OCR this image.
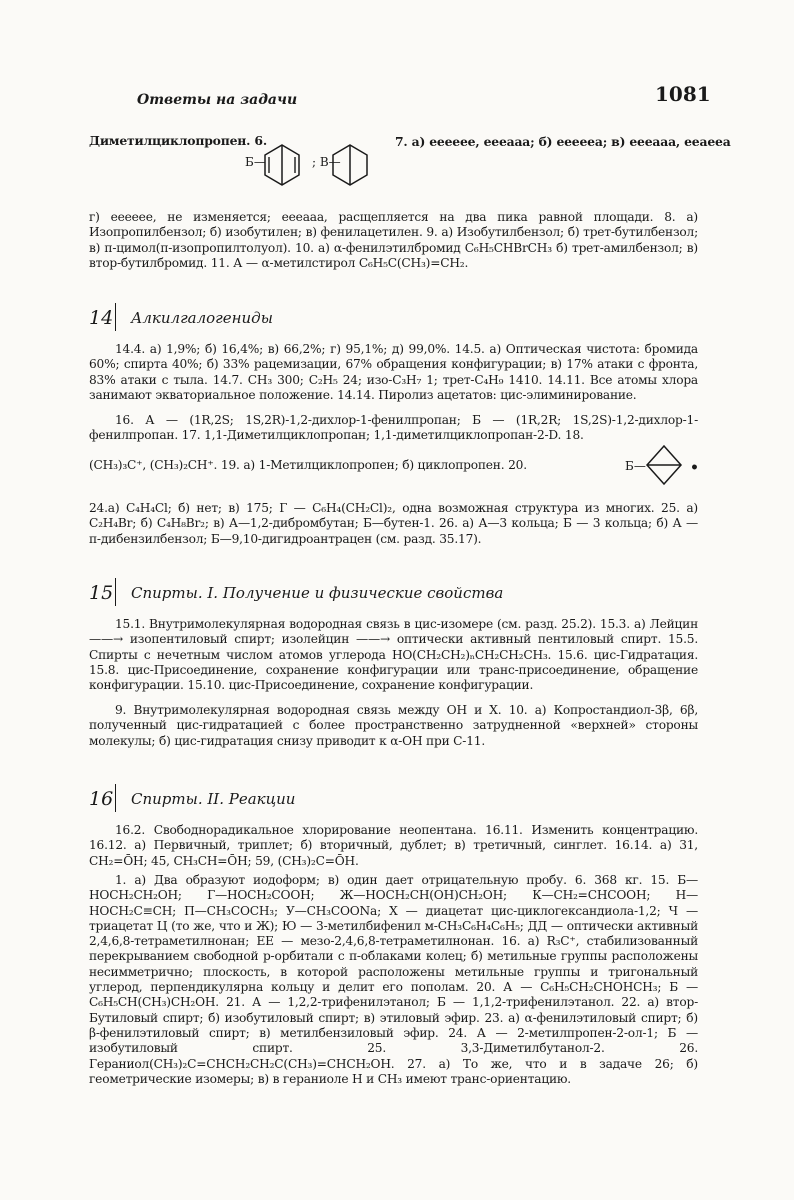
Ответы на задачи	1081
Диметилциклопропен. 6.	7. а) ееееее, еееааа; б) еееееа; в) еееааа, ееаеea
Б—	; В—
г) ееееee, не изменяется; еееааа, расщепляется на два пика равной площади. 8. а) Изопропилбензол; б) изобутилен; в) фенилацетилен. 9. а) Изобутилбензол; б) трет-бутилбензол; в) п-цимол(п-изопропилтолуол). 10. а) α-фенилэтилбромид C₆H₅CHBrCH₃ б) трет-амилбензол; в) втор-бутилбромид. 11. А — α-метилстирол C₆H₅C(CH₃)=CH₂.
14 Алкилгалогениды
14.4. а) 1,9%; б) 16,4%; в) 66,2%; г) 95,1%; д) 99,0%. 14.5. а) Оптическая чистота: бромида 60%; спирта 40%; б) 33% рацемизации, 67% обращения конфигурации; в) 17% атаки с фронта, 83% атаки с тыла. 14.7. CH₃ 300; C₂H₅ 24; изо-C₃H₇ 1; трет-C₄H₉ 1410. 14.11. Все атомы хлора занимают экваториальное положение. 14.14. Пиролиз ацетатов: цис-элиминирование.
16. А — (1R,2S; 1S,2R)-1,2-дихлор-1-фенилпропан; Б — (1R,2R; 1S,2S)-1,2-дихлор-1-фенилпропан. 17. 1,1-Диметилциклопропан; 1,1-диметилциклопропан-2-D. 18.
(CH₃)₃C⁺, (CH₃)₂CH⁺. 19. а) 1-Метилциклопропен; б) циклопропен. 20.	Б—	•
24.а) C₄H₄Cl; б) нет; в) 175; Г — C₆H₄(CH₂Cl)₂, одна возможная структура из многих. 25. а) C₂H₄Br; б) C₄H₈Br₂; в) А—1,2-дибромбутан; Б—бутен-1. 26. а) А—3 кольца; Б — 3 кольца; б) А — п-дибензилбензол; Б—9,10-дигидроантрацен (см. разд. 35.17).
15 Спирты. I. Получение и физические свойства
15.1. Внутримолекулярная водородная связь в цис-изомере (см. разд. 25.2). 15.3. а) Лейцин ——→ изопентиловый спирт; изолейцин ——→ оптически активный пентиловый спирт. 15.5. Спирты с нечетным числом атомов углерода HO(CH₂CH₂)ₙCH₂CH₂CH₃. 15.6. цис-Гидратация. 15.8. цис-Присоединение, сохранение конфигурации или транс-присоединение, обращение конфигурации. 15.10. цис-Присоединение, сохранение конфигурации.
9. Внутримолекулярная водородная связь между OH и X. 10. а) Копростандиол-3β, 6β, полученный цис-гидратацией с более пространственно затрудненной «верхней» стороны молекулы; б) цис-гидратация снизу приводит к α-OH при C-11.
16 Спирты. II. Реакции
16.2. Свободнорадикальное хлорирование неопентана. 16.11. Изменить концентрацию. 16.12. а) Первичный, триплет; б) вторичный, дублет; в) третичный, синглет. 16.14. а) 31, CH₂=ŌH; 45, CH₃CH=ŌH; 59, (CH₃)₂C=ŌH.
1. а) Два образуют иодоформ; в) один дает отрицательную пробу. 6. 368 кг. 15. Б—HOCH₂CH₂OH; Г—HOCH₂COOH; Ж—HOCH₂CH(OH)CH₂OH; К—CH₂=CHCOOH; Н—HOCH₂C≡CH; П—CH₃COCH₃; У—CH₃COONa; Х — диацетат цис-циклогександиола-1,2; Ч — триацетат Ц (то же, что и Ж); Ю — 3-метилбифенил м-CH₃C₆H₄C₆H₅; ДД — оптически активный 2,4,6,8-тетраметилнонан; ЕЕ — мезо-2,4,6,8-тетраметилнонан. 16. а) R₃C⁺, стабилизованный перекрыванием свободной p-орбитали с π-облаками колец; б) метильные группы расположены несимметрично; плоскость, в которой расположены метильные группы и тригональный углерод, перпендикулярна кольцу и делит его пополам. 20. А — C₆H₅CH₂CHOHCH₃; Б — C₆H₅CH(CH₃)CH₂OH. 21. А — 1,2,2-трифенилэтанол; Б — 1,1,2-трифенилэтанол. 22. а) втор-Бутиловый спирт; б) изобутиловый спирт; в) этиловый эфир. 23. а) α-фенилэтиловый спирт; б) β-фенилэтиловый спирт; в) метилбензиловый эфир. 24. А — 2-метилпропен-2-ол-1; Б — изобутиловый спирт. 25. 3,3-Диметилбутанол-2. 26. Гераниол(CH₃)₂C=CHCH₂CH₂C(CH₃)=CHCH₂OH. 27. а) То же, что и в задаче 26; б) геометрические изомеры; в) в гераниоле H и CH₃ имеют транс-ориентацию.
